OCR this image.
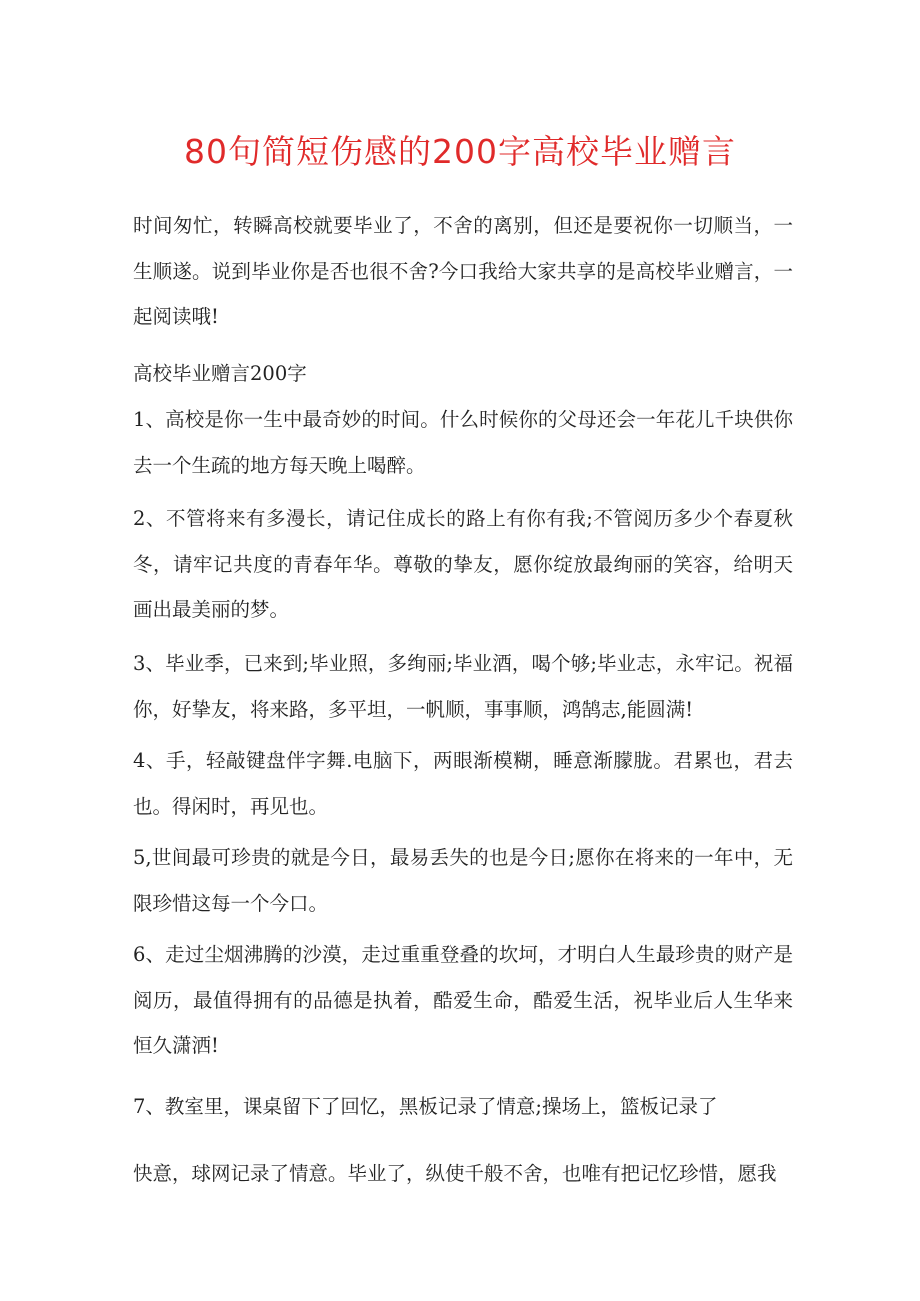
80句简短伤感的200字高校毕业赠言
时间匆忙，转瞬高校就要毕业了，不舍的离别，但还是要祝你一切顺当，一生顺遂。说到毕业你是否也很不舍?今口我给大家共享的是高校毕业赠言，一起阅读哦!
高校毕业赠言200字
1、高校是你一生中最奇妙的时间。什么时候你的父母还会一年花儿千块供你去一个生疏的地方每天晚上喝醉。
2、不管将来有多漫长，请记住成长的路上有你有我;不管阅历多少个春夏秋冬，请牢记共度的青春年华。尊敬的挚友，愿你绽放最绚丽的笑容，给明天画出最美丽的梦。
3、毕业季，已来到;毕业照，多绚丽;毕业酒，喝个够;毕业志，永牢记。祝福你，好挚友，将来路，多平坦，一帆顺，事事顺，鸿鹄志,能圆满!
4、手，轻敲键盘伴字舞.电脑下，两眼渐模糊，睡意渐朦胧。君累也，君去也。得闲时，再见也。
5,世间最可珍贵的就是今日，最易丢失的也是今日;愿你在将来的一年中，无限珍惜这每一个今口。
6、走过尘烟沸腾的沙漠，走过重重登叠的坎坷，才明白人生最珍贵的财产是阅历，最值得拥有的品德是执着，酷爱生命，酷爱生活，祝毕业后人生华来恒久潇洒!
7、教室里，课桌留下了回忆，黑板记录了情意;操场上，篮板记录了
快意，球网记录了情意。毕业了，纵使千般不舍，也唯有把记忆珍惜，愿我
